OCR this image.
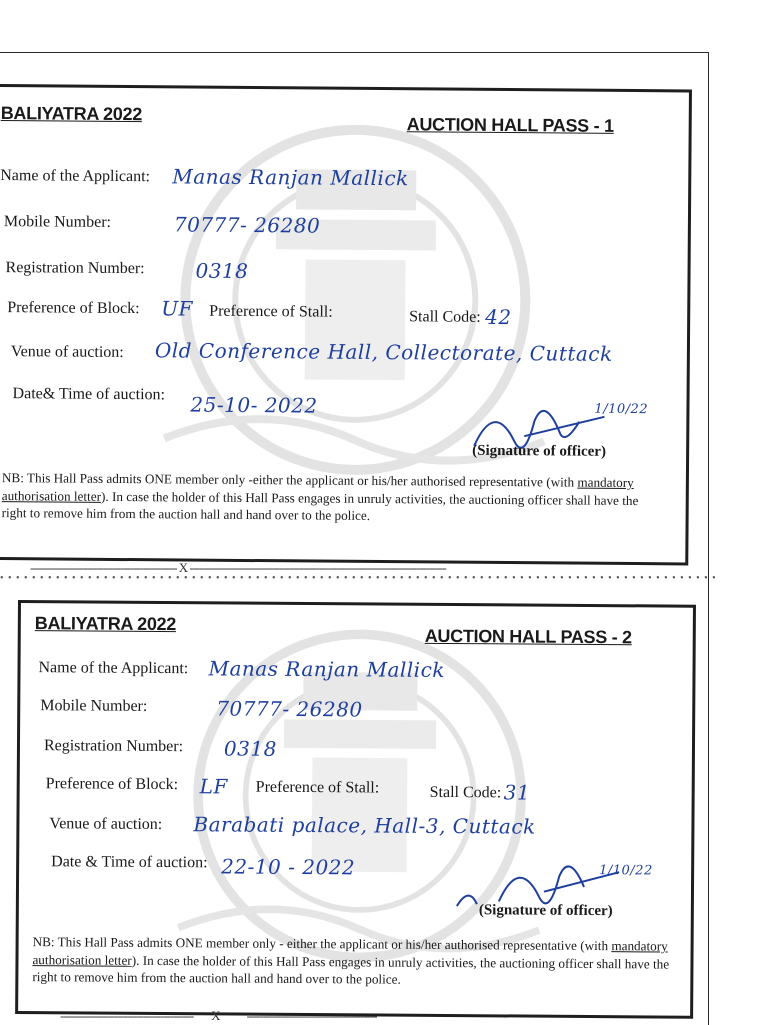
BALIYATRA 2022
AUCTION HALL PASS - 1
Name of the Applicant: Manas Ranjan Mallick
Mobile Number:	70777- 26280
Registration Number:	0318
Preference of Block: UF Preference of Stall:	Stall Code: 42
Venue of auction: Old Conference Hall, Collectorate, Cuttack
Date& Time of auction: 25-10- 2022	1/10/22
(Signature of officer)
NB: This Hall Pass admits ONE member only -either the applicant or his/her authorised representative (with mandatory authorisation letter). In case the holder of this Hall Pass engages in unruly activities, the auctioning officer shall have the right to remove him from the auction hall and hand over to the police.
-------------------------------------------- X -----------------------------------------------------------------------------
• • • • • • • • • • • • • • • • • • • • • • • • • • • • • • • • • • • • • • • • • • • • • • • • • • • • • • • • • • • • • • • • • • • • • • • • • • • • • • • • • • • • • • • • • •
BALIYATRA 2022
AUCTION HALL PASS - 2
Name of the Applicant: Manas Ranjan Mallick
Mobile Number:	70777- 26280
Registration Number: 0318
Preference of Block: LF Preference of Stall:	Stall Code: 31
Venue of auction: Barabati palace, Hall-3, Cuttack
Date & Time of auction: 22-10 - 2022	1/10/22
(Signature of officer)
NB: This Hall Pass admits ONE member only - either the applicant or his/her authorised representative (with mandatory authorisation letter). In case the holder of this Hall Pass engages in unruly activities, the auctioning officer shall have the right to remove him from the auction hall and hand over to the police.
----------------------------------------        X            ---------------------------------------
